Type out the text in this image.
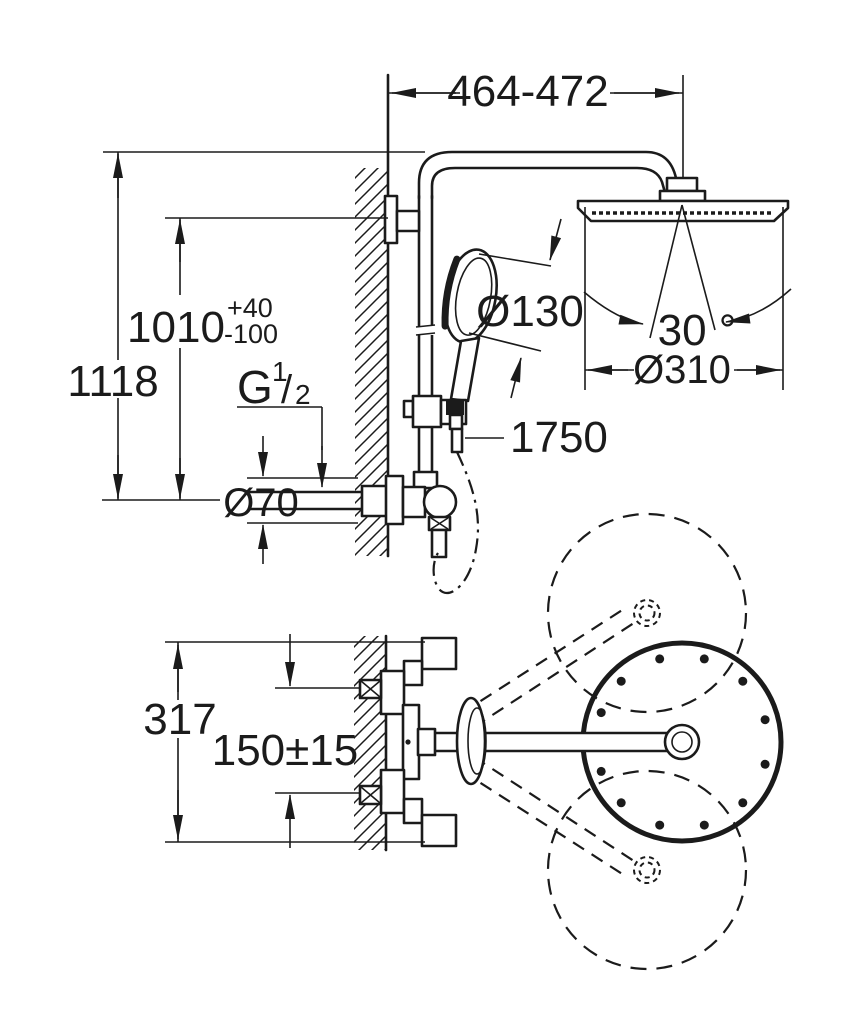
464-472
1010 +40
-100
1118 G 1
/ 2
Ø70
Ø130
1750
30 °
Ø310
317
150±15
